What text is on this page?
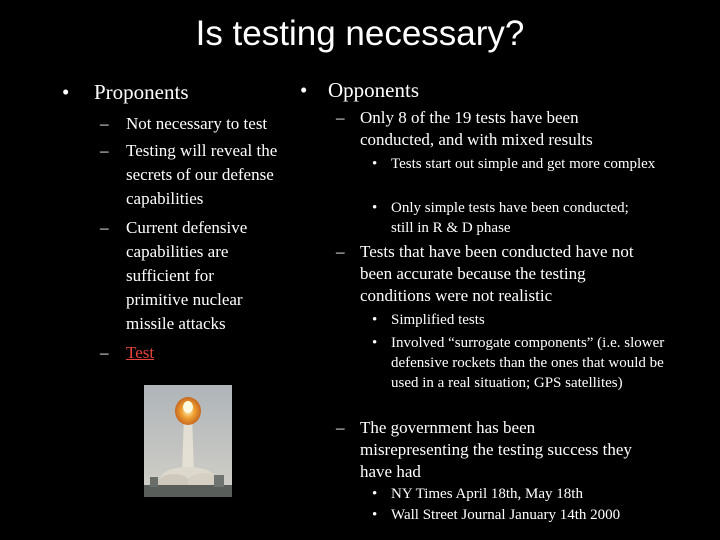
Is testing necessary?
• Proponents
– Not necessary to test
– Testing will reveal the secrets of our defense capabilities
– Current defensive capabilities are sufficient for primitive nuclear missile attacks
– Test
• Opponents
– Only 8 of the 19 tests have been conducted, and with mixed results
• Tests start out simple and get more complex
• Only simple tests have been conducted; still in R & D phase
– Tests that have been conducted have not been accurate because the testing conditions were not realistic
• Simplified tests
• Involved “surrogate components” (i.e. slower defensive rockets than the ones that would be used in a real situation; GPS satellites)
– The government has been misrepresenting the testing success they have had
• NY Times April 18th, May 18th
• Wall Street Journal January 14th 2000
